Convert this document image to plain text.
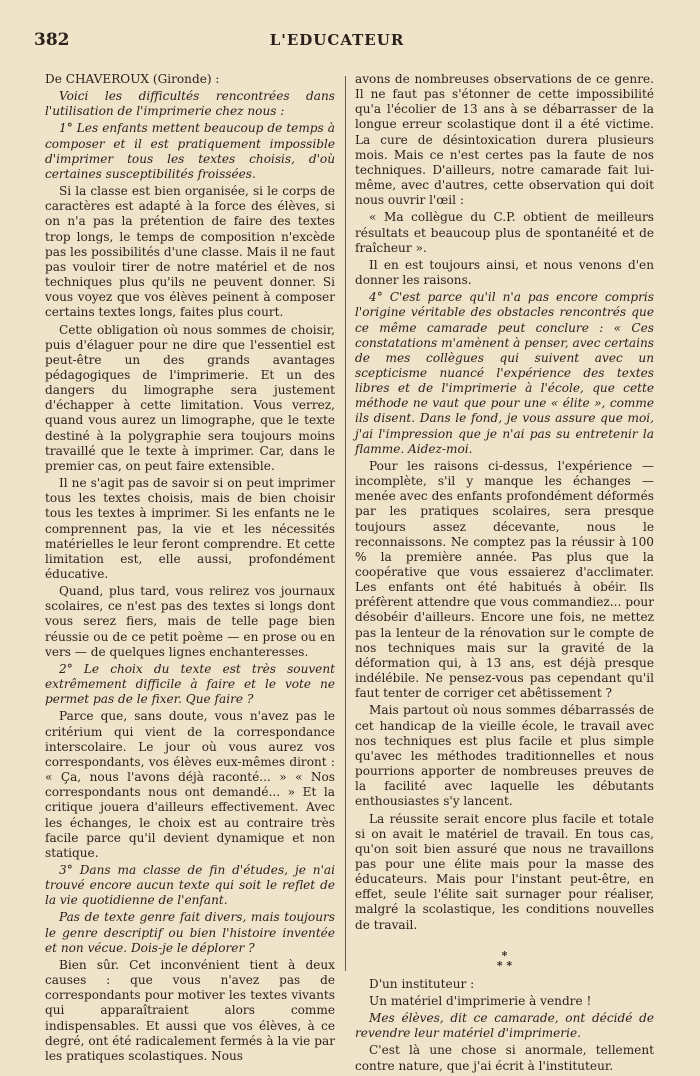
382	L'EDUCATEUR

De CHAVEROUX (Gironde) :

Voici les difficultés rencontrées dans l'utilisation de l'imprimerie chez nous :

1° Les enfants mettent beaucoup de temps à composer et il est pratiquement impossible d'imprimer tous les textes choisis, d'où certaines susceptibilités froissées.

Si la classe est bien organisée, si le corps de caractères est adapté à la force des élèves, si on n'a pas la prétention de faire des textes trop longs, le temps de composition n'excède pas les possibilités d'une classe. Mais il ne faut pas vouloir tirer de notre matériel et de nos techniques plus qu'ils ne peuvent donner. Si vous voyez que vos élèves peinent à composer certains textes longs, faites plus court.

Cette obligation où nous sommes de choisir, puis d'élaguer pour ne dire que l'essentiel est peut-être un des grands avantages pédagogiques de l'imprimerie. Et un des dangers du limographe sera justement d'échapper à cette limitation. Vous verrez, quand vous aurez un limographe, que le texte destiné à la polygraphie sera toujours moins travaillé que le texte à imprimer. Car, dans le premier cas, on peut faire extensible.

Il ne s'agit pas de savoir si on peut imprimer tous les textes choisis, mais de bien choisir tous les textes à imprimer. Si les enfants ne le comprennent pas, la vie et les nécessités matérielles le leur feront comprendre. Et cette limitation est, elle aussi, profondément éducative.

Quand, plus tard, vous relirez vos journaux scolaires, ce n'est pas des textes si longs dont vous serez fiers, mais de telle page bien réussie ou de ce petit poème — en prose ou en vers — de quelques lignes enchanteresses.

2° Le choix du texte est très souvent extrêmement difficile à faire et le vote ne permet pas de le fixer. Que faire ?

Parce que, sans doute, vous n'avez pas le critérium qui vient de la correspondance interscolaire. Le jour où vous aurez vos correspondants, vos élèves eux-mêmes diront : « Ça, nous l'avons déjà raconté... » « Nos correspondants nous ont demandé... » Et la critique jouera d'ailleurs effectivement. Avec les échanges, le choix est au contraire très facile parce qu'il devient dynamique et non statique.

3° Dans ma classe de fin d'études, je n'ai trouvé encore aucun texte qui soit le reflet de la vie quotidienne de l'enfant.

Pas de texte genre fait divers, mais toujours le genre descriptif ou bien l'histoire inventée et non vécue. Dois-je le déplorer ?

Bien sûr. Cet inconvénient tient à deux causes : que vous n'avez pas de correspondants pour motiver les textes vivants qui apparaîtraient alors comme indispensables. Et aussi que vos élèves, à ce degré, ont été radicalement fermés à la vie par les pratiques scolastiques. Nous

avons de nombreuses observations de ce genre. Il ne faut pas s'étonner de cette impossibilité qu'a l'écolier de 13 ans à se débarrasser de la longue erreur scolastique dont il a été victime. La cure de désintoxication durera plusieurs mois. Mais ce n'est certes pas la faute de nos techniques. D'ailleurs, notre camarade fait lui-même, avec d'autres, cette observation qui doit nous ouvrir l'œil :

« Ma collègue du C.P. obtient de meilleurs résultats et beaucoup plus de spontanéité et de fraîcheur ».

Il en est toujours ainsi, et nous venons d'en donner les raisons.

4° C'est parce qu'il n'a pas encore compris l'origine véritable des obstacles rencontrés que ce même camarade peut conclure : « Ces constatations m'amènent à penser, avec certains de mes collègues qui suivent avec un scepticisme nuancé l'expérience des textes libres et de l'imprimerie à l'école, que cette méthode ne vaut que pour une « élite », comme ils disent. Dans le fond, je vous assure que moi, j'ai l'impression que je n'ai pas su entretenir la flamme. Aidez-moi.

Pour les raisons ci-dessus, l'expérience — incomplète, s'il y manque les échanges — menée avec des enfants profondément déformés par les pratiques scolaires, sera presque toujours assez décevante, nous le reconnaissons. Ne comptez pas la réussir à 100 % la première année. Pas plus que la coopérative que vous essaierez d'acclimater. Les enfants ont été habitués à obéir. Ils préfèrent attendre que vous commandiez... pour désobéir d'ailleurs. Encore une fois, ne mettez pas la lenteur de la rénovation sur le compte de nos techniques mais sur la gravité de la déformation qui, à 13 ans, est déjà presque indélébile. Ne pensez-vous pas cependant qu'il faut tenter de corriger cet abêtissement ?

Mais partout où nous sommes débarrassés de cet handicap de la vieille école, le travail avec nos techniques est plus facile et plus simple qu'avec les méthodes traditionnelles et nous pourrions apporter de nombreuses preuves de la facilité avec laquelle les débutants enthousiastes s'y lancent.

La réussite serait encore plus facile et totale si on avait le matériel de travail. En tous cas, qu'on soit bien assuré que nous ne travaillons pas pour une élite mais pour la masse des éducateurs. Mais pour l'instant peut-être, en effet, seule l'élite sait surnager pour réaliser, malgré la scolastique, les conditions nouvelles de travail.

*
* *

D'un instituteur :

Un matériel d'imprimerie à vendre !

Mes élèves, dit ce camarade, ont décidé de revendre leur matériel d'imprimerie.

C'est là une chose si anormale, tellement contre nature, que j'ai écrit à l'instituteur.
